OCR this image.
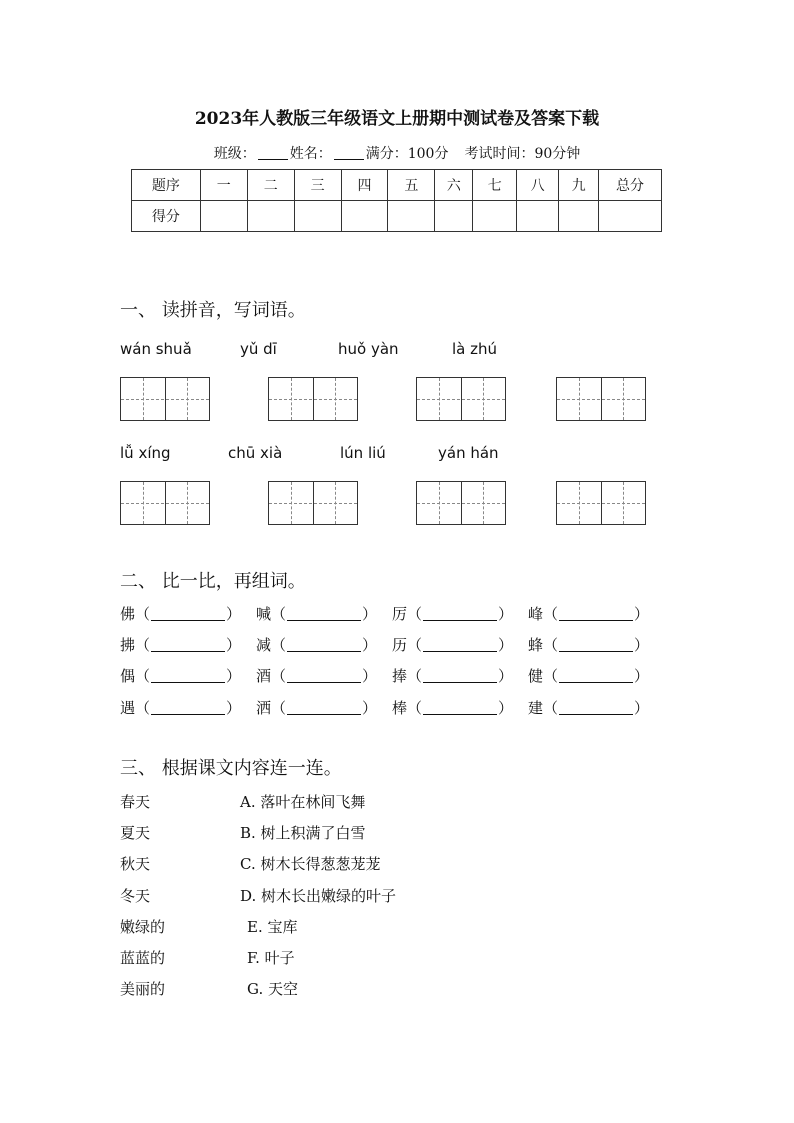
2023年人教版三年级语文上册期中测试卷及答案下载
班级： 姓名： 满分：100分 考试时间：90分钟
题序	一	二	三	四	五	六	七	八	九	总分
得分										
一、 读拼音，写词语。
wán shuǎ	yǔ dī	huǒ yàn	là zhú
lǚ xíng	chū xià	lún liú	yán hán
二、 比一比，再组词。
佛（	） 喊（	） 厉（	） 峰（	）
拂（	） 减（	） 历（	） 蜂（	）
偶（	） 酒（	） 捧（	） 健（	）
遇（	） 洒（	） 棒（	） 建（	）
三、 根据课文内容连一连。
春天	A. 落叶在林间飞舞
夏天	B. 树上积满了白雪
秋天	C. 树木长得葱葱茏茏
冬天	D. 树木长出嫩绿的叶子
嫩绿的	E. 宝库
蓝蓝的	F. 叶子
美丽的	G. 天空
